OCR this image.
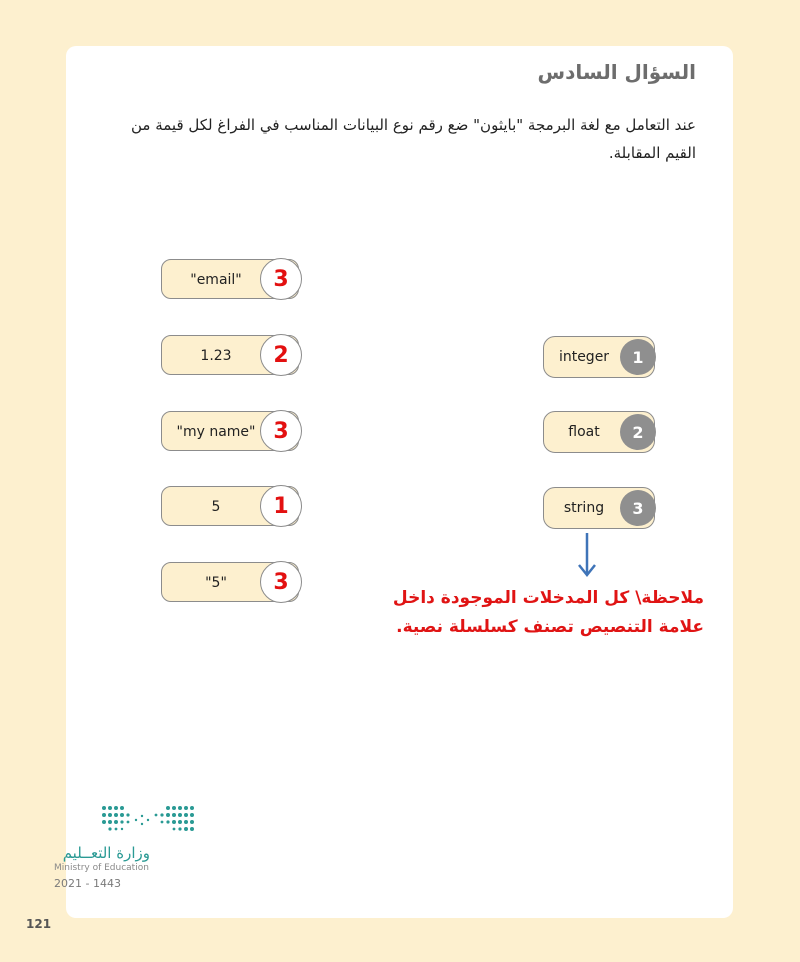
السؤال السادس
عند التعامل مع لغة البرمجة "بايثون" ضع رقم نوع البيانات المناسب في الفراغ لكل قيمة من القيم المقابلة.
"email"	3
1.23	2
"my name" 3
5	1
"5"	3
integer	1
float	2
string	3
ملاحظة\ كل المدخلات الموجودة داخل
علامة التنصيص تصنف كسلسلة نصية.
وزارة التعــليم
Ministry of Education
2021 - 1443
121
